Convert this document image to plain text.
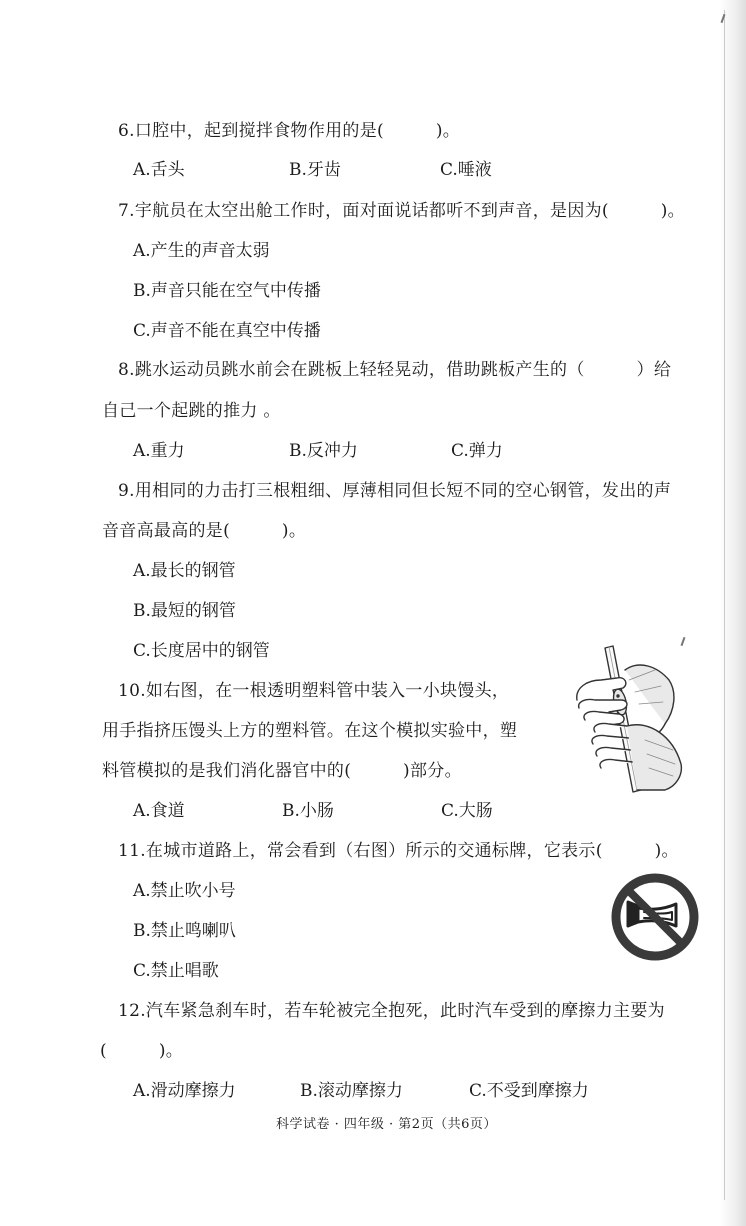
6.口腔中，起到搅拌食物作用的是(　　　)。
A.舌头	B.牙齿	C.唾液
7.宇航员在太空出舱工作时，面对面说话都听不到声音，是因为(　　　)。
A.产生的声音太弱
B.声音只能在空气中传播
C.声音不能在真空中传播
8.跳水运动员跳水前会在跳板上轻轻晃动，借助跳板产生的（　　　）给
自己一个起跳的推力 。
A.重力	B.反冲力	C.弹力
9.用相同的力击打三根粗细、厚薄相同但长短不同的空心钢管，发出的声
音音高最高的是(　　　)。
A.最长的钢管
B.最短的钢管
C.长度居中的钢管
10.如右图，在一根透明塑料管中装入一小块馒头，
用手指挤压馒头上方的塑料管。在这个模拟实验中，塑
料管模拟的是我们消化器官中的(　　　)部分。
A.食道	B.小肠	C.大肠
11.在城市道路上，常会看到（右图）所示的交通标牌，它表示(　　　)。
A.禁止吹小号
B.禁止鸣喇叭
C.禁止唱歌
12.汽车紧急刹车时，若车轮被完全抱死，此时汽车受到的摩擦力主要为
(　　　)。
A.滑动摩擦力	B.滚动摩擦力	C.不受到摩擦力
科学试卷 · 四年级 · 第2页（共6页）
